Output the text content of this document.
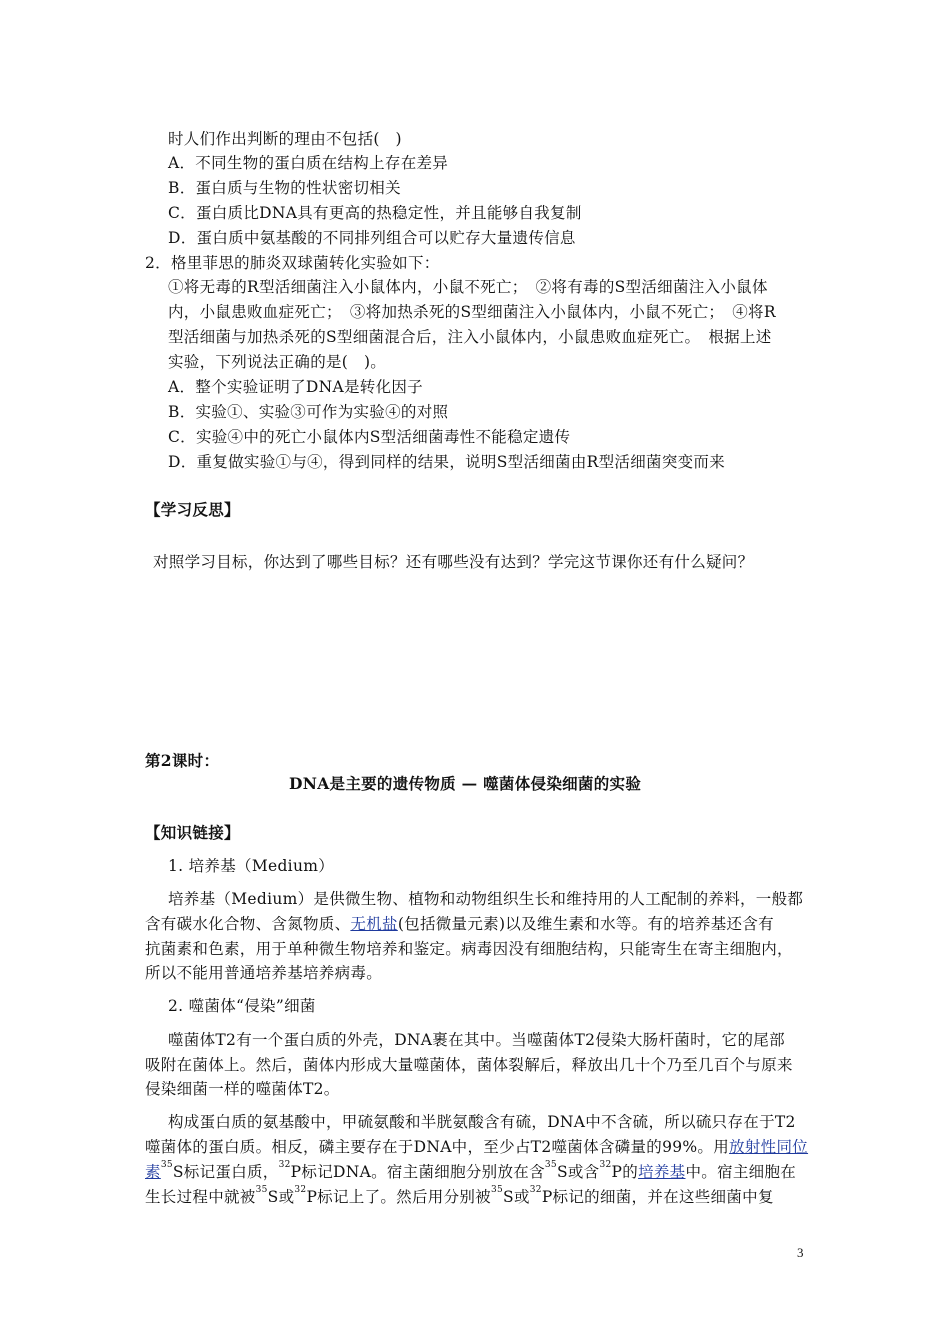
时人们作出判断的理由不包括(　)
A．不同生物的蛋白质在结构上存在差异
B．蛋白质与生物的性状密切相关
C．蛋白质比DNA具有更高的热稳定性，并且能够自我复制
D．蛋白质中氨基酸的不同排列组合可以贮存大量遗传信息
2．格里菲思的肺炎双球菌转化实验如下：
①将无毒的R型活细菌注入小鼠体内，小鼠不死亡；　②将有毒的S型活细菌注入小鼠体
内，小鼠患败血症死亡；　③将加热杀死的S型细菌注入小鼠体内，小鼠不死亡；　④将R
型活细菌与加热杀死的S型细菌混合后，注入小鼠体内，小鼠患败血症死亡。　根据上述
实验，下列说法正确的是(　)。
A．整个实验证明了DNA是转化因子
B．实验①、实验③可作为实验④的对照
C．实验④中的死亡小鼠体内S型活细菌毒性不能稳定遗传
D．重复做实验①与④，得到同样的结果，说明S型活细菌由R型活细菌突变而来
【学习反思】
对照学习目标，你达到了哪些目标？还有哪些没有达到？学完这节课你还有什么疑问？
第2课时：
DNA是主要的遗传物质 — 噬菌体侵染细菌的实验
【知识链接】
1. 培养基（Medium）
培养基（Medium）是供微生物、植物和动物组织生长和维持用的人工配制的养料，一般都
含有碳水化合物、含氮物质、无机盐(包括微量元素)以及维生素和水等。有的培养基还含有
抗菌素和色素，用于单种微生物培养和鉴定。病毒因没有细胞结构，只能寄生在寄主细胞内，
所以不能用普通培养基培养病毒。
2. 噬菌体“侵染”细菌
噬菌体T2有一个蛋白质的外壳，DNA裹在其中。当噬菌体T2侵染大肠杆菌时，它的尾部
吸附在菌体上。然后，菌体内形成大量噬菌体，菌体裂解后，释放出几十个乃至几百个与原来
侵染细菌一样的噬菌体T2。
构成蛋白质的氨基酸中，甲硫氨酸和半胱氨酸含有硫，DNA中不含硫，所以硫只存在于T2
噬菌体的蛋白质。相反，磷主要存在于DNA中，至少占T2噬菌体含磷量的99%。用放射性同位
素$^{35}$S标记蛋白质，$^{32}$P标记DNA。宿主菌细胞分别放在含$^{35}$S或含$^{32}$P的培养基中。宿主细胞在
生长过程中就被$^{35}$S或$^{32}$P标记上了。然后用分别被$^{35}$S或$^{32}$P标记的细菌，并在这些细菌中复
3
